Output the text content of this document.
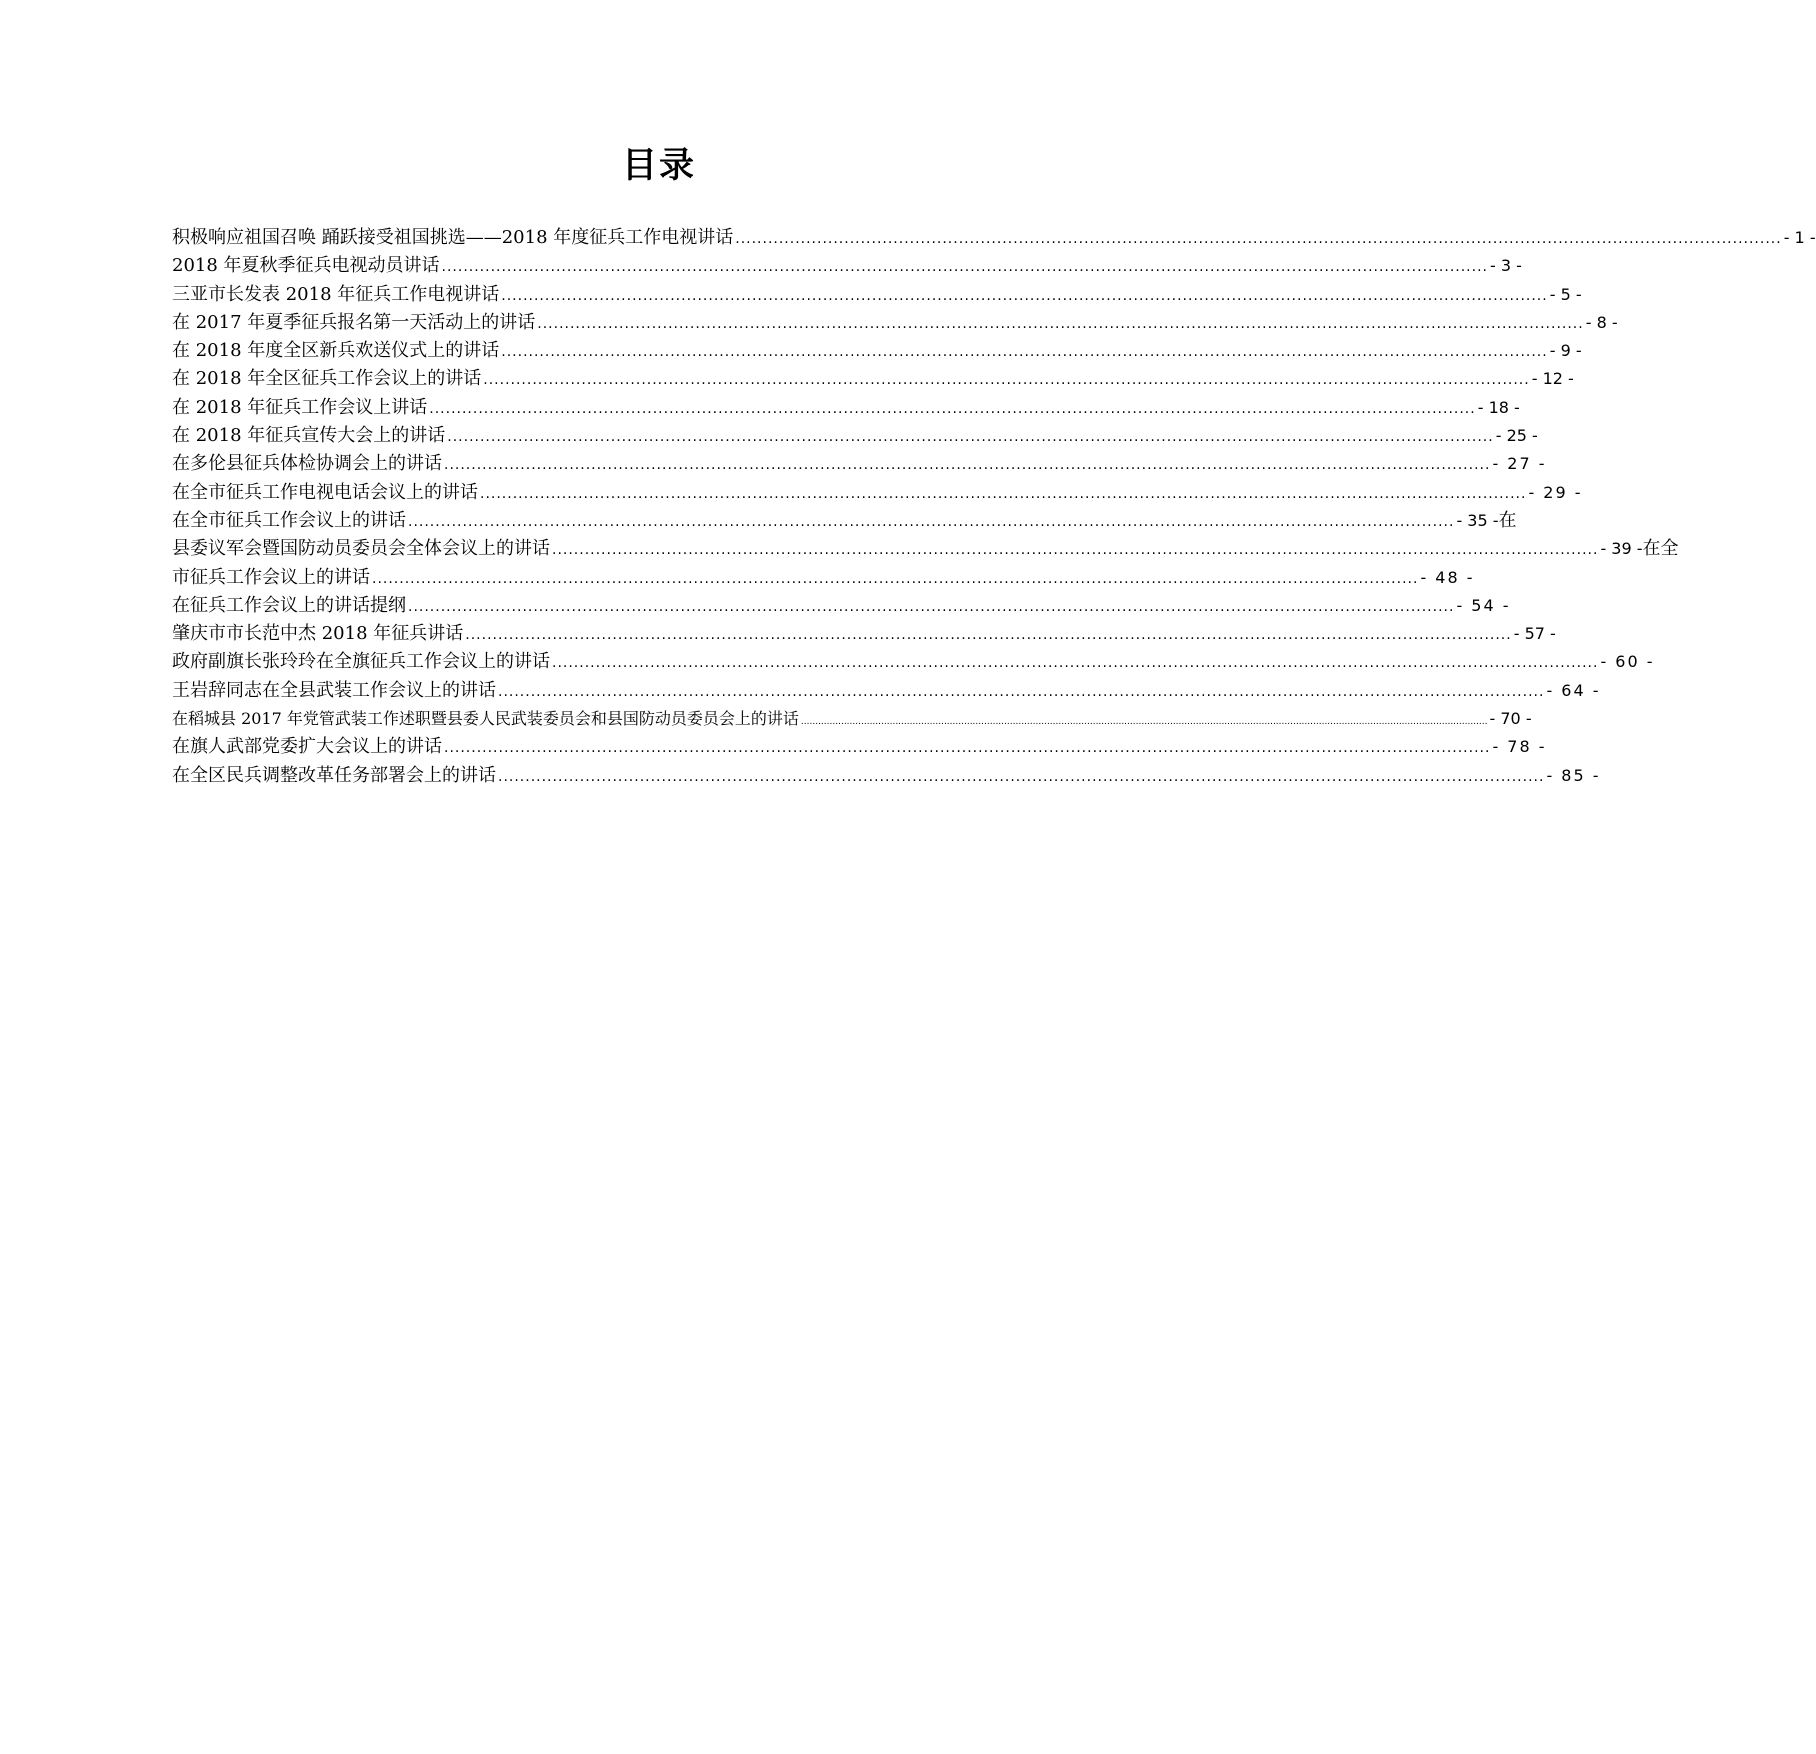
目录
积极响应祖国召唤 踊跃接受祖国挑选——2018 年度征兵工作电视讲话 ................................................................................................................................................................................................ - 1 -
2018 年夏秋季征兵电视动员讲话 ................................................................................................................................................................................................ - 3 -
三亚市长发表 2018 年征兵工作电视讲话 ................................................................................................................................................................................................ - 5 -
在 2017 年夏季征兵报名第一天活动上的讲话 ................................................................................................................................................................................................ - 8 -
在 2018 年度全区新兵欢送仪式上的讲话 ................................................................................................................................................................................................ - 9 -
在 2018 年全区征兵工作会议上的讲话 ................................................................................................................................................................................................ - 12 -
在 2018 年征兵工作会议上讲话 ................................................................................................................................................................................................ - 18 -
在 2018 年征兵宣传大会上的讲话 ................................................................................................................................................................................................ - 25 -
在多伦县征兵体检协调会上的讲话 ................................................................................................................................................................................................ - 27 -
在全市征兵工作电视电话会议上的讲话 ................................................................................................................................................................................................ - 29 -
在全市征兵工作会议上的讲话 ................................................................................................................................................................................................ - 35 - 在
县委议军会暨国防动员委员会全体会议上的讲话 ................................................................................................................................................................................................ - 39 - 在全
市征兵工作会议上的讲话 ................................................................................................................................................................................................ - 48 -
在征兵工作会议上的讲话提纲 ................................................................................................................................................................................................ - 54 -
肇庆市市长范中杰 2018 年征兵讲话 ................................................................................................................................................................................................ - 57 -
政府副旗长张玲玲在全旗征兵工作会议上的讲话 ................................................................................................................................................................................................ - 60 -
王岩辞同志在全县武装工作会议上的讲话 ................................................................................................................................................................................................ - 64 -
在稻城县 2017 年党管武装工作述职暨县委人民武装委员会和县国防动员委员会上的讲话 ................................................................................................................................................................................................................................................ - 70 -
在旗人武部党委扩大会议上的讲话 ................................................................................................................................................................................................ - 78 -
在全区民兵调整改革任务部署会上的讲话 ................................................................................................................................................................................................ - 85 -
